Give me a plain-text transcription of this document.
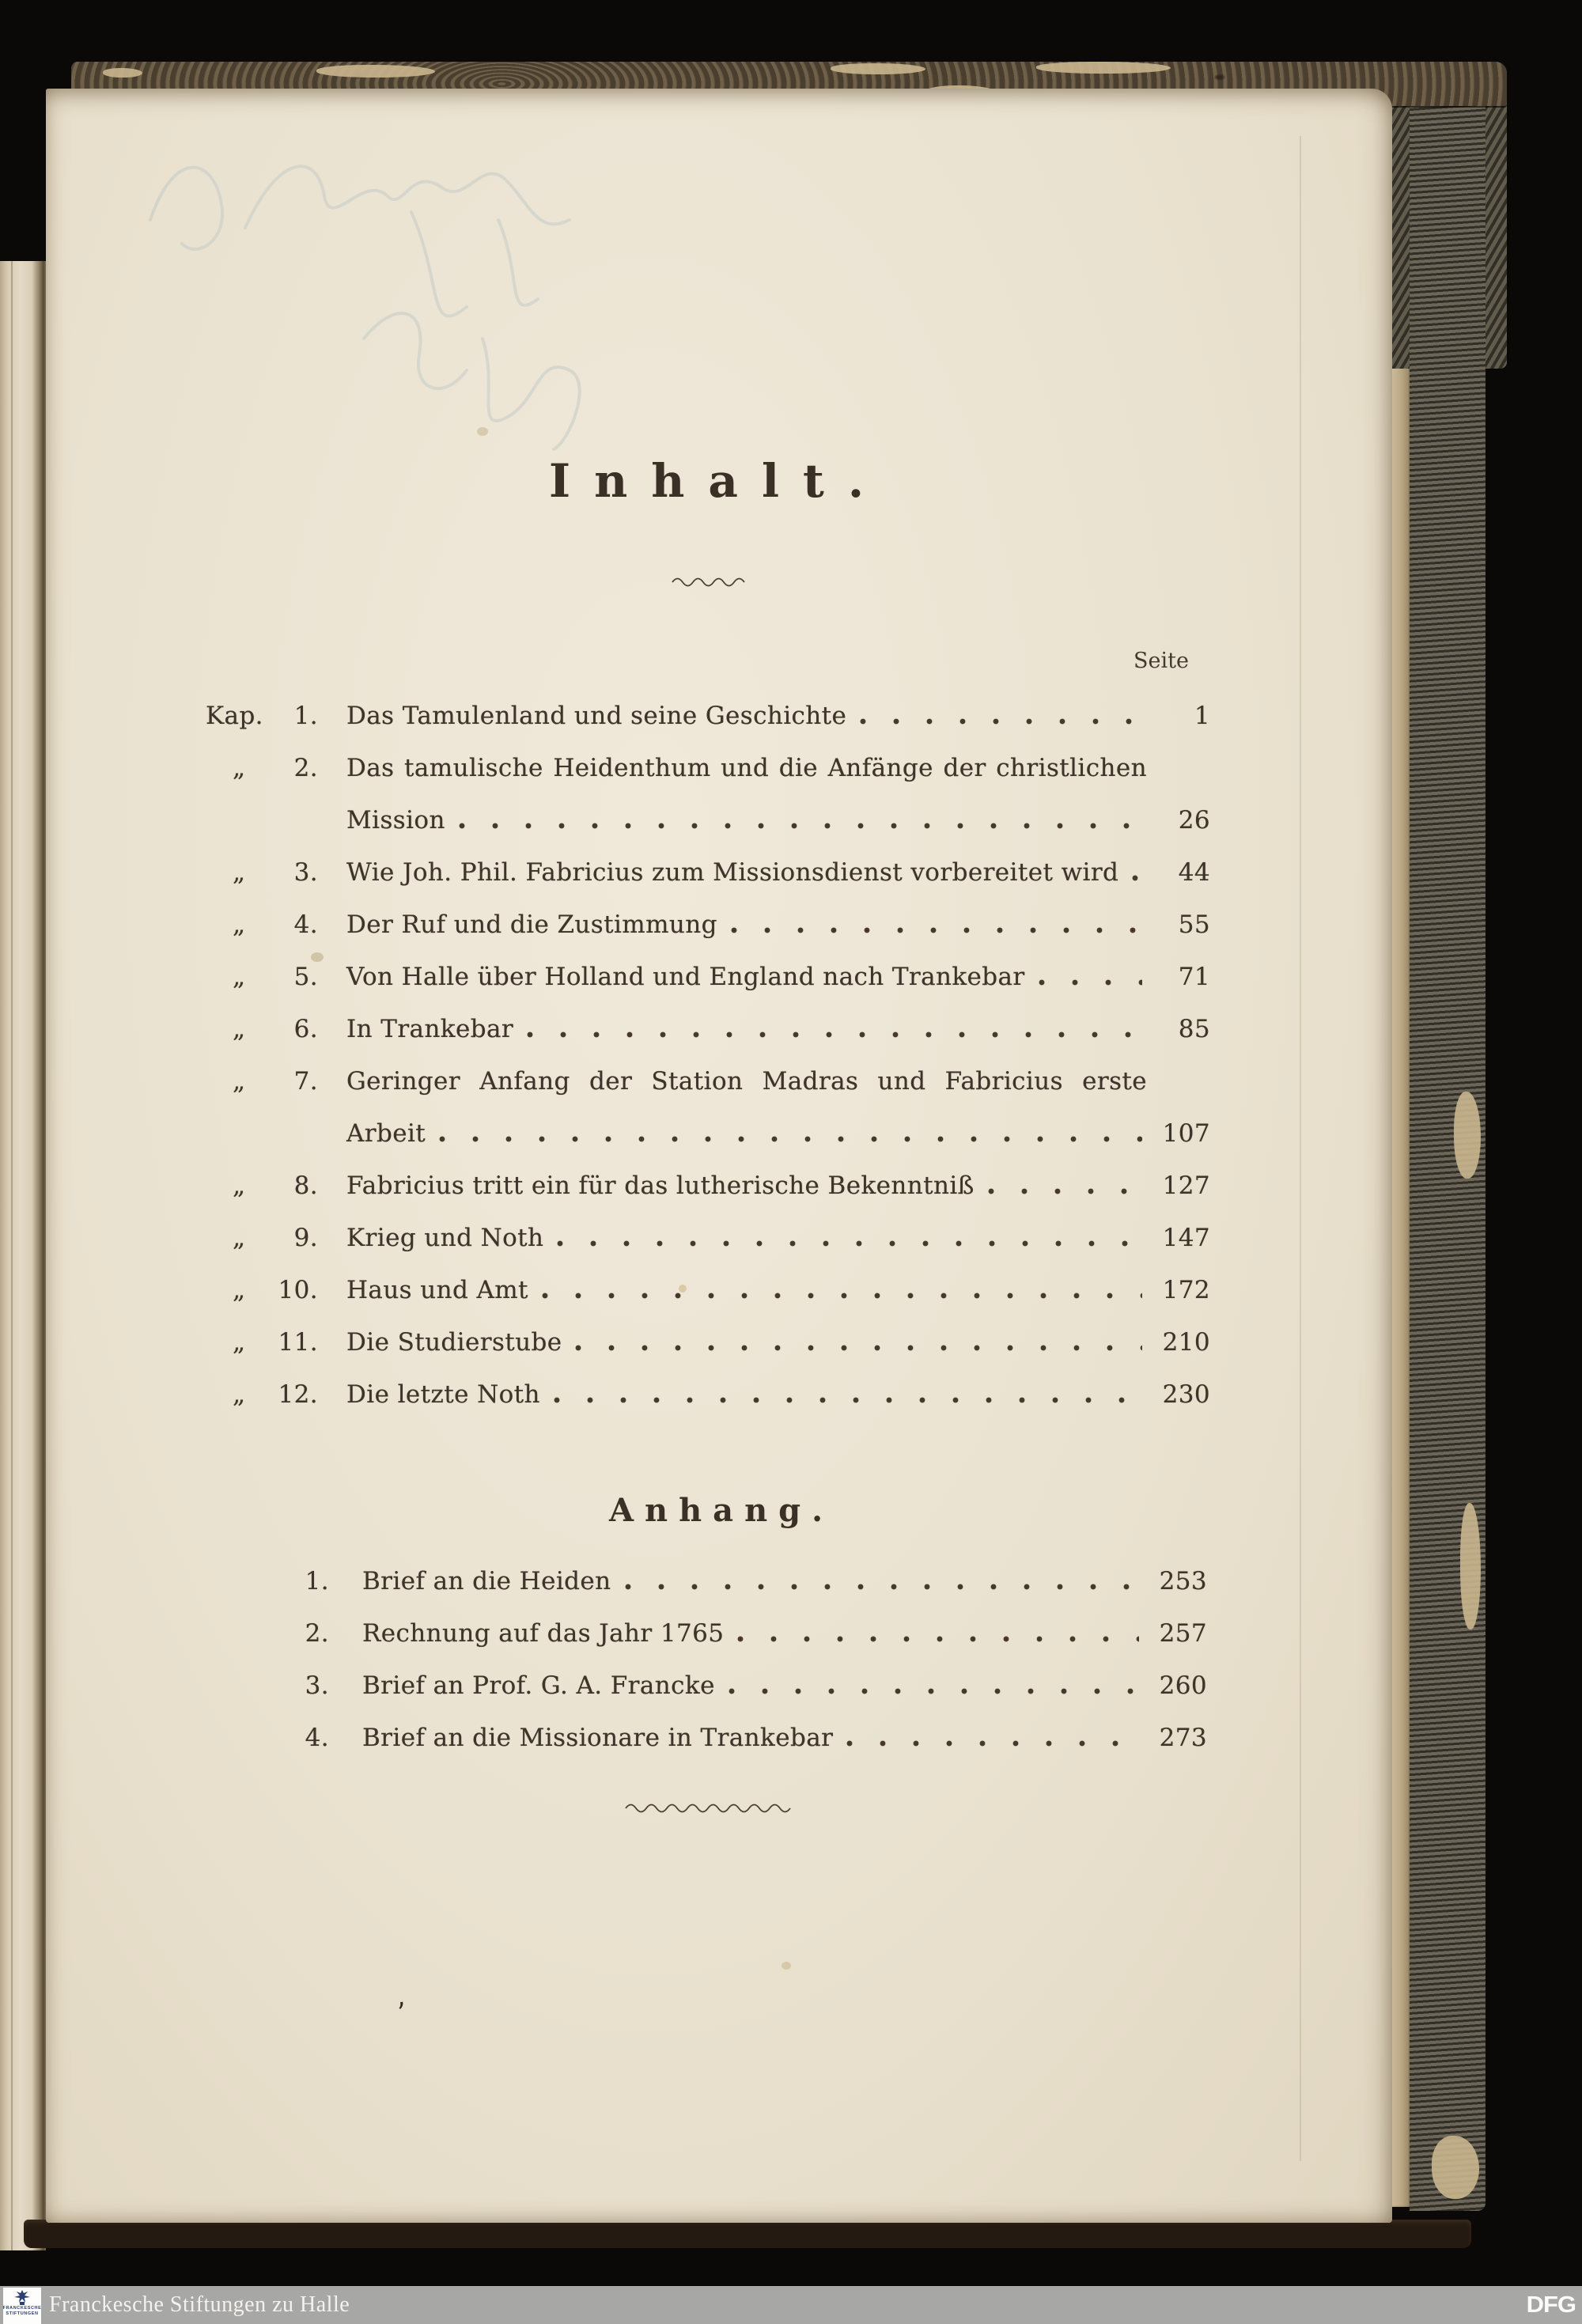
Inhalt.
Seite
Kap.	1. Das Tamulenland und seine Geschichte	1
„	2. Das tamulische Heidenthum und die Anfänge der christlichen
Mission	26
„	3. Wie Joh. Phil. Fabricius zum Missionsdienst vorbereitet wird	44
„	4. Der Ruf und die Zustimmung	55
„	5. Von Halle über Holland und England nach Trankebar	71
„	6. In Trankebar	85
„	7. Geringer Anfang der Station Madras und Fabricius erste
Arbeit	107
„	8. Fabricius tritt ein für das lutherische Bekenntniß	127
„	9. Krieg und Noth	147
„	10. Haus und Amt	172
„	11. Die Studierstube	210
„	12. Die letzte Noth	230
Anhang.
1. Brief an die Heiden	253
2. Rechnung auf das Jahr 1765	257
3. Brief an Prof. G. A. Francke	260
4. Brief an die Missionare in Trankebar	273
‚
FRANCKESCHE
STIFTUNGEN Franckesche Stiftungen zu Halle	DFG
